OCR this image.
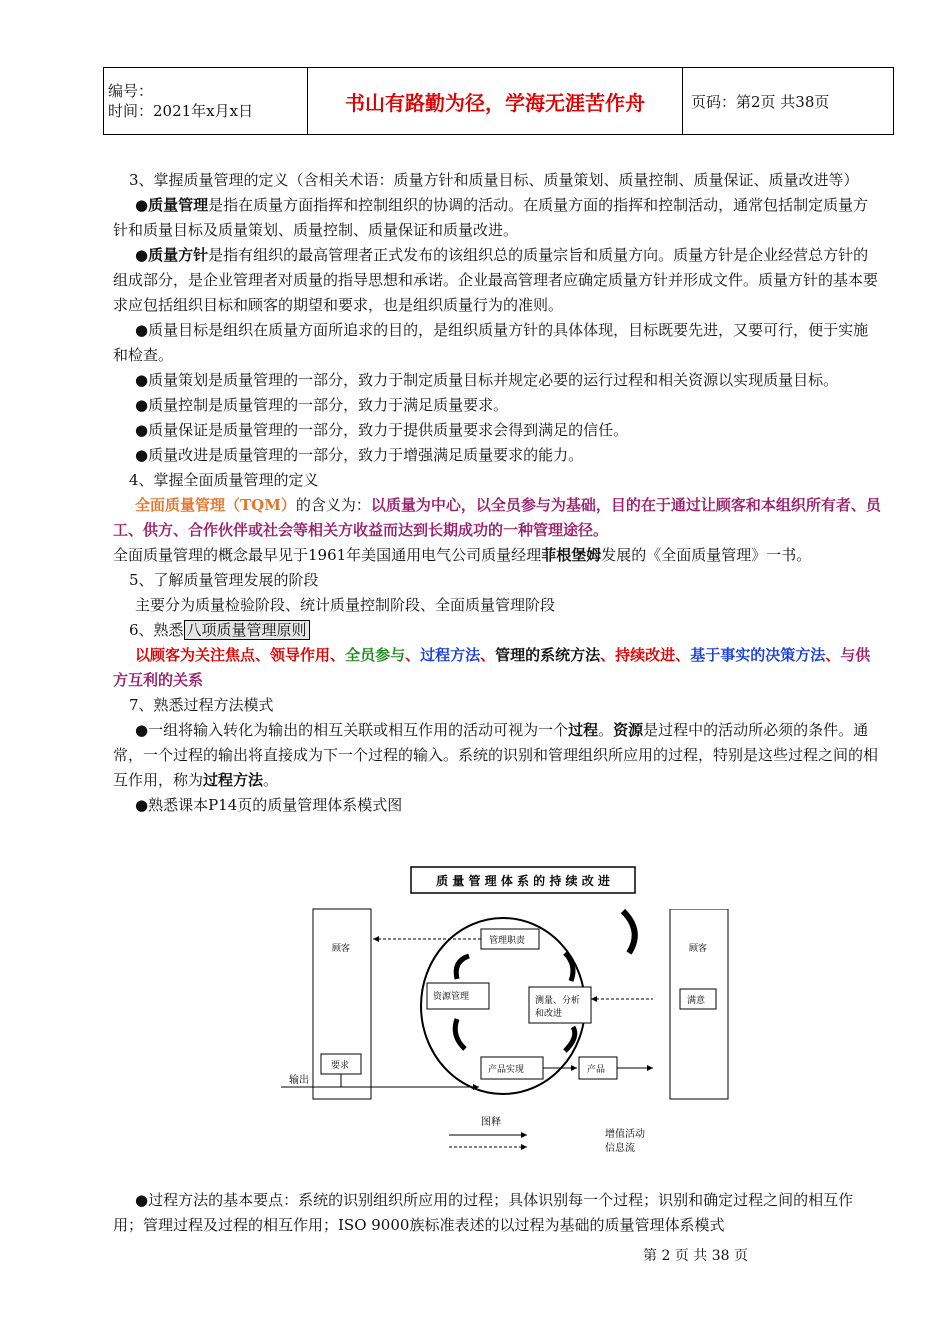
编号：
时间：2021年x月x日	书山有路勤为径，学海无涯苦作舟	页码：第2页 共38页

3、掌握质量管理的定义（含相关术语：质量方针和质量目标、质量策划、质量控制、质量保证、质量改进等）

●质量管理是指在质量方面指挥和控制组织的协调的活动。在质量方面的指挥和控制活动，通常包括制定质量方针和质量目标及质量策划、质量控制、质量保证和质量改进。

●质量方针是指有组织的最高管理者正式发布的该组织总的质量宗旨和质量方向。质量方针是企业经营总方针的组成部分，是企业管理者对质量的指导思想和承诺。企业最高管理者应确定质量方针并形成文件。质量方针的基本要求应包括组织目标和顾客的期望和要求，也是组织质量行为的准则。

●质量目标是组织在质量方面所追求的目的，是组织质量方针的具体体现，目标既要先进，又要可行，便于实施和检查。

●质量策划是质量管理的一部分，致力于制定质量目标并规定必要的运行过程和相关资源以实现质量目标。

●质量控制是质量管理的一部分，致力于满足质量要求。

●质量保证是质量管理的一部分，致力于提供质量要求会得到满足的信任。

●质量改进是质量管理的一部分，致力于增强满足质量要求的能力。

4、掌握全面质量管理的定义

全面质量管理（TQM）的含义为：以质量为中心，以全员参与为基础，目的在于通过让顾客和本组织所有者、员工、供方、合作伙伴或社会等相关方收益而达到长期成功的一种管理途径。

全面质量管理的概念最早见于1961年美国通用电气公司质量经理菲根堡姆发展的《全面质量管理》一书。

5、了解质量管理发展的阶段

主要分为质量检验阶段、统计质量控制阶段、全面质量管理阶段

6、熟悉 八项质量管理原则

以顾客为关注焦点、领导作用、全员参与、过程方法、管理的系统方法、持续改进、基于事实的决策方法、与供方互利的关系

7、熟悉过程方法模式

●一组将输入转化为输出的相互关联或相互作用的活动可视为一个过程。资源是过程中的活动所必须的条件。通常，一个过程的输出将直接成为下一个过程的输入。系统的识别和管理组织所应用的过程，特别是这些过程之间的相互作用，称为过程方法。

●熟悉课本P14页的质量管理体系模式图

质 量 管 理 体 系 的 持 续 改 进
顾客
要求
顾客
满意
管理职责
资源管理	测量、分析
和改进
产品实现	产品
输出
图释
增值活动
信息流

●过程方法的基本要点：系统的识别组织所应用的过程；具体识别每一个过程；识别和确定过程之间的相互作用；管理过程及过程的相互作用；ISO 9000族标准表述的以过程为基础的质量管理体系模式

第 2 页 共 38 页
